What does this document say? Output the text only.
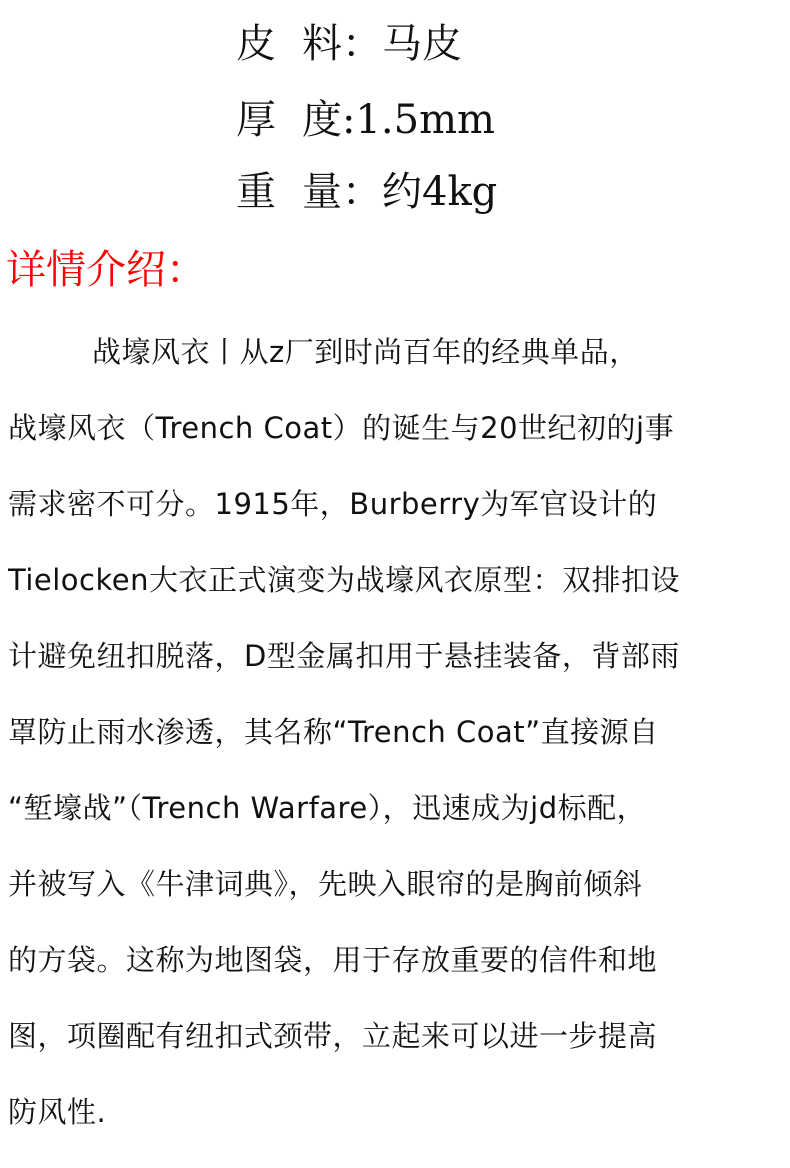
皮 料：马皮
厚 度:1.5mm
重 量：约4kg
详情介绍：
战壕风衣丨从z厂到时尚百年的经典单品，
战壕风衣（Trench Coat）的诞生与20世纪初的j事
需求密不可分。1915年，Burberry为军官设计的
Tielocken大衣正式演变为战壕风衣原型：双排扣设
计避免纽扣脱落，D型金属扣用于悬挂装备，背部雨
罩防止雨水渗透，其名称“Trench Coat”直接源自
“堑壕战”（Trench Warfare），迅速成为jd标配，
并被写入《牛津词典》，先映入眼帘的是胸前倾斜
的方袋。这称为地图袋，用于存放重要的信件和地
图，项圈配有纽扣式颈带，立起来可以进一步提高
防风性.
